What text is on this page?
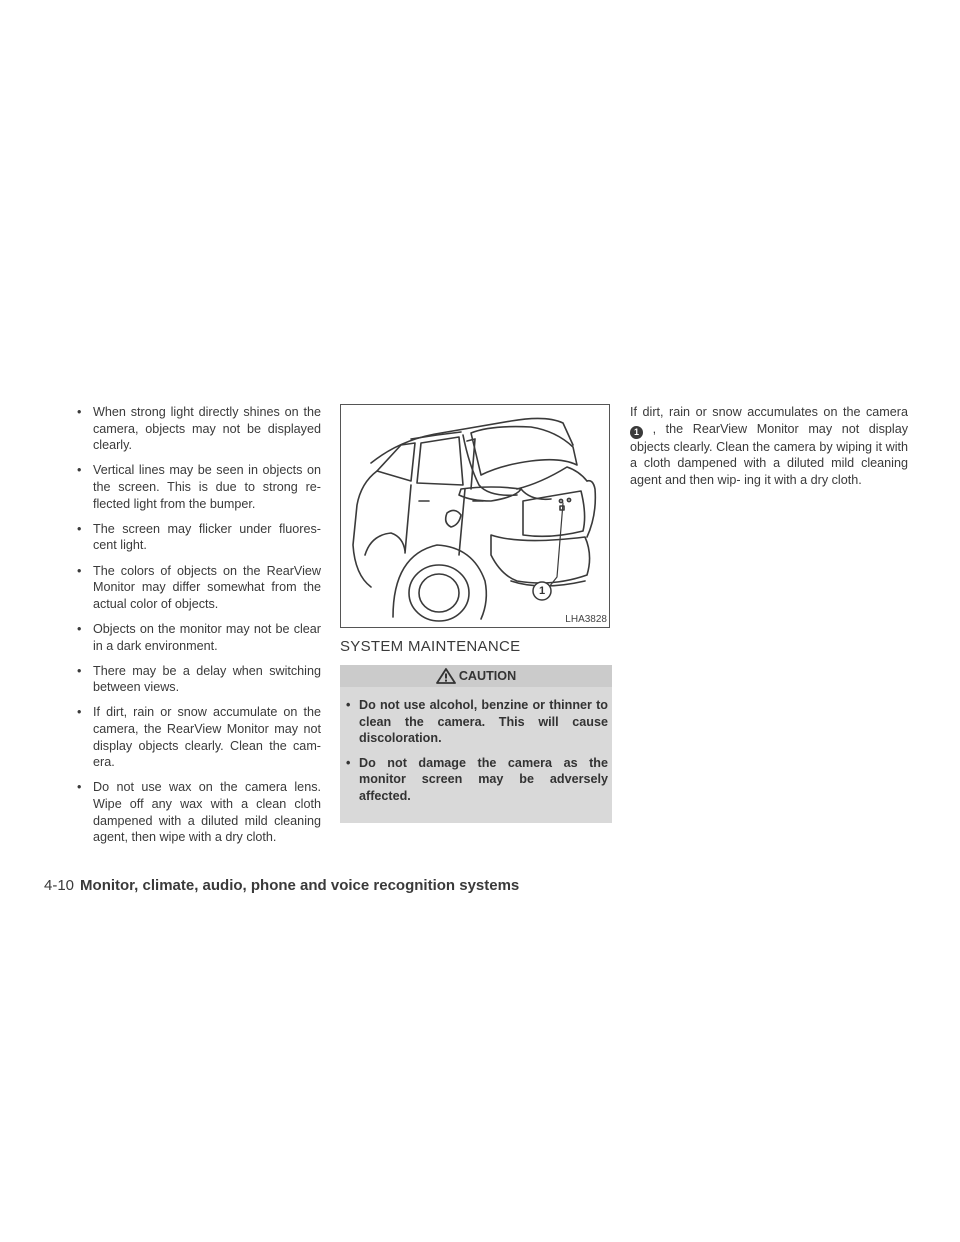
• When strong light directly shines on the camera, objects may not be displayed clearly.
• Vertical lines may be seen in objects on the screen. This is due to strong re- flected light from the bumper.
• The screen may flicker under fluores- cent light.
• The colors of objects on the RearView Monitor may differ somewhat from the actual color of objects.
• Objects on the monitor may not be clear in a dark environment.
• There may be a delay when switching between views.
• If dirt, rain or snow accumulate on the camera, the RearView Monitor may not display objects clearly. Clean the cam- era.
• Do not use wax on the camera lens. Wipe off any wax with a clean cloth dampened with a diluted mild cleaning agent, then wipe with a dry cloth.
1
LHA3828
SYSTEM MAINTENANCE
CAUTION
• Do not use alcohol, benzine or thinner to clean the camera. This will cause discoloration.
• Do not damage the camera as the monitor screen may be adversely affected.

If dirt, rain or snow accumulates on the camera 1 , the RearView Monitor may not display objects clearly. Clean the camera by wiping it with a cloth dampened with a diluted mild cleaning agent and then wip- ing it with a dry cloth.

4-10 Monitor, climate, audio, phone and voice recognition systems
